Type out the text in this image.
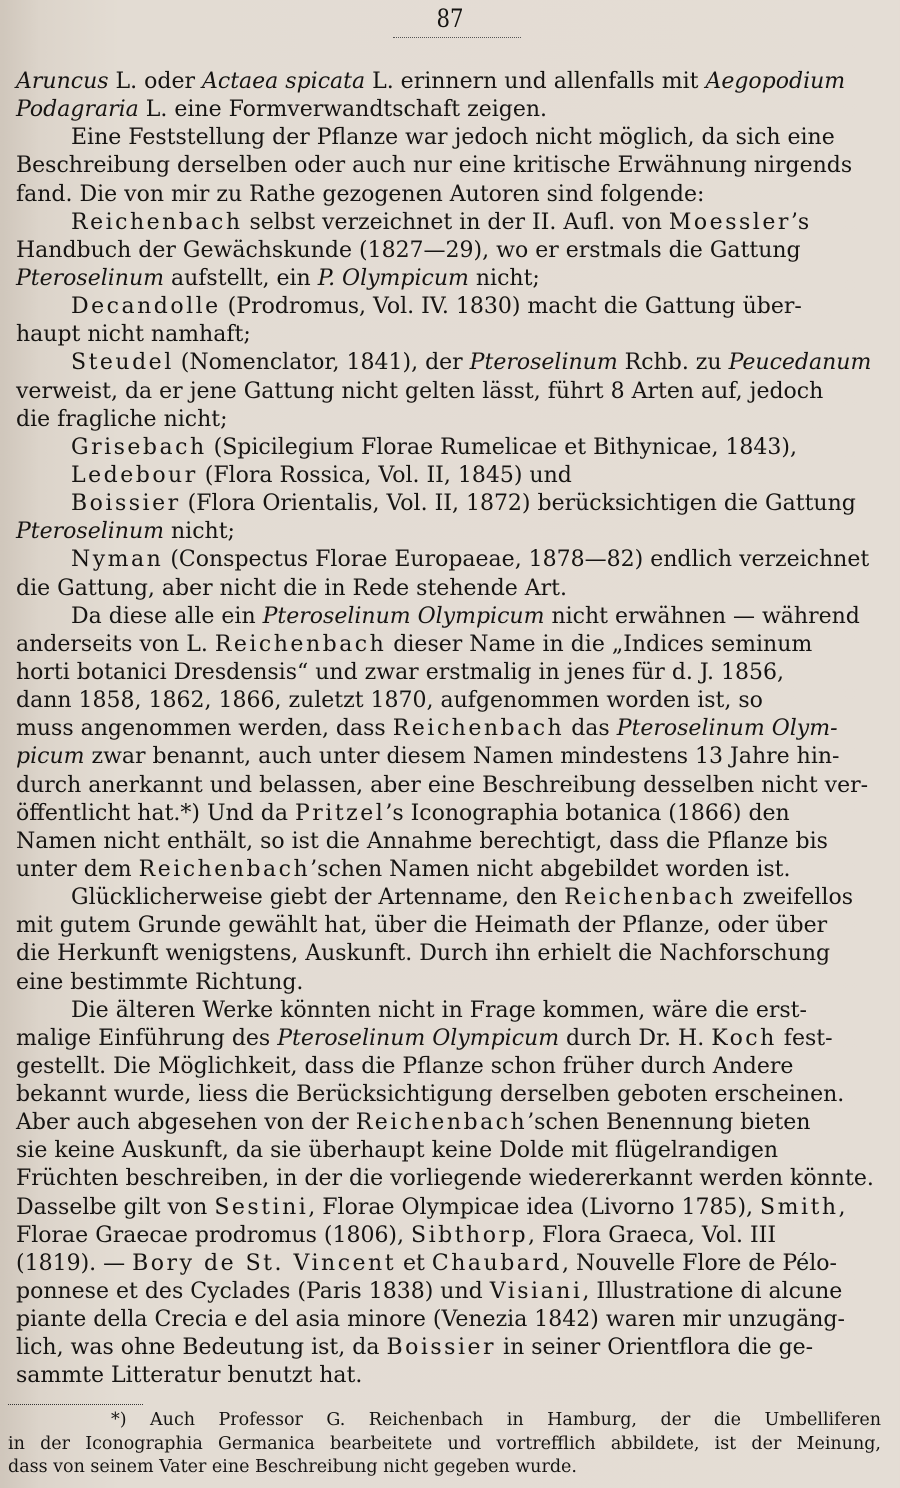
87
Aruncus L. oder Actaea spicata L. erinnern und allenfalls mit Aegopodium
Podagraria L. eine Formverwandtschaft zeigen.
Eine Feststellung der Pflanze war jedoch nicht möglich, da sich eine
Beschreibung derselben oder auch nur eine kritische Erwähnung nirgends
fand. Die von mir zu Rathe gezogenen Autoren sind folgende:
Reichenbach selbst verzeichnet in der II. Aufl. von Moessler’s
Handbuch der Gewächskunde (1827—29), wo er erstmals die Gattung
Pteroselinum aufstellt, ein P. Olympicum nicht;
Decandolle (Prodromus, Vol. IV. 1830) macht die Gattung über-
haupt nicht namhaft;
Steudel (Nomenclator, 1841), der Pteroselinum Rchb. zu Peucedanum
verweist, da er jene Gattung nicht gelten lässt, führt 8 Arten auf, jedoch
die fragliche nicht;
Grisebach (Spicilegium Florae Rumelicae et Bithynicae, 1843),
Ledebour (Flora Rossica, Vol. II, 1845) und
Boissier (Flora Orientalis, Vol. II, 1872) berücksichtigen die Gattung
Pteroselinum nicht;
Nyman (Conspectus Florae Europaeae, 1878—82) endlich verzeichnet
die Gattung, aber nicht die in Rede stehende Art.
Da diese alle ein Pteroselinum Olympicum nicht erwähnen — während
anderseits von L. Reichenbach dieser Name in die „Indices seminum
horti botanici Dresdensis“ und zwar erstmalig in jenes für d. J. 1856,
dann 1858, 1862, 1866, zuletzt 1870, aufgenommen worden ist, so
muss angenommen werden, dass Reichenbach das Pteroselinum Olym-
picum zwar benannt, auch unter diesem Namen mindestens 13 Jahre hin-
durch anerkannt und belassen, aber eine Beschreibung desselben nicht ver-
öffentlicht hat.*) Und da Pritzel’s Iconographia botanica (1866) den
Namen nicht enthält, so ist die Annahme berechtigt, dass die Pflanze bis
unter dem Reichenbach’schen Namen nicht abgebildet worden ist.
Glücklicherweise giebt der Artenname, den Reichenbach zweifellos
mit gutem Grunde gewählt hat, über die Heimath der Pflanze, oder über
die Herkunft wenigstens, Auskunft. Durch ihn erhielt die Nachforschung
eine bestimmte Richtung.
Die älteren Werke könnten nicht in Frage kommen, wäre die erst-
malige Einführung des Pteroselinum Olympicum durch Dr. H. Koch fest-
gestellt. Die Möglichkeit, dass die Pflanze schon früher durch Andere
bekannt wurde, liess die Berücksichtigung derselben geboten erscheinen.
Aber auch abgesehen von der Reichenbach’schen Benennung bieten
sie keine Auskunft, da sie überhaupt keine Dolde mit flügelrandigen
Früchten beschreiben, in der die vorliegende wiedererkannt werden könnte.
Dasselbe gilt von Sestini, Florae Olympicae idea (Livorno 1785), Smith,
Florae Graecae prodromus (1806), Sibthorp, Flora Graeca, Vol. III
(1819). — Bory de St. Vincent et Chaubard, Nouvelle Flore de Pélo-
ponnese et des Cyclades (Paris 1838) und Visiani, Illustratione di alcune
piante della Crecia e del asia minore (Venezia 1842) waren mir unzugäng-
lich, was ohne Bedeutung ist, da Boissier in seiner Orientflora die ge-
sammte Litteratur benutzt hat.
*) Auch Professor G. Reichenbach in Hamburg, der die Umbelliferen
in der Iconographia Germanica bearbeitete und vortrefflich abbildete, ist der Meinung,
dass von seinem Vater eine Beschreibung nicht gegeben wurde.
